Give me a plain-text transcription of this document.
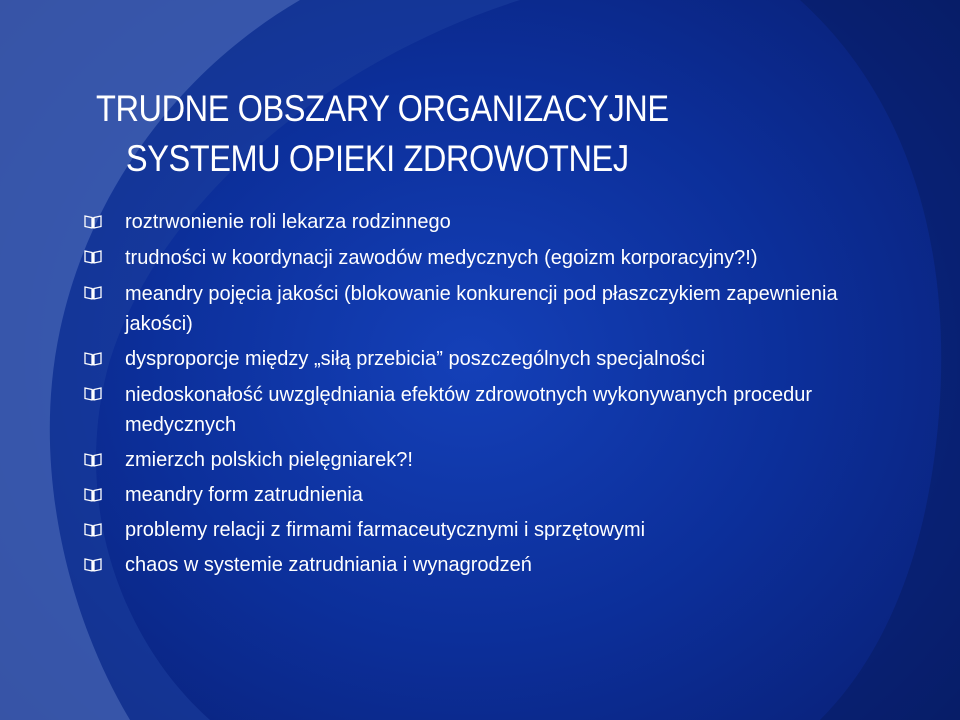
TRUDNE OBSZARY ORGANIZACYJNE
SYSTEMU OPIEKI ZDROWOTNEJ
roztrwonienie roli lekarza rodzinnego
trudności w koordynacji zawodów medycznych (egoizm korporacyjny?!)
meandry pojęcia jakości (blokowanie konkurencji pod płaszczykiem zapewnienia jakości)
dysproporcje między „siłą przebicia” poszczególnych specjalności
niedoskonałość uwzględniania efektów zdrowotnych wykonywanych procedur medycznych
zmierzch polskich pielęgniarek?!
meandry form zatrudnienia
problemy relacji z firmami farmaceutycznymi i sprzętowymi
chaos w systemie zatrudniania i wynagrodzeń
